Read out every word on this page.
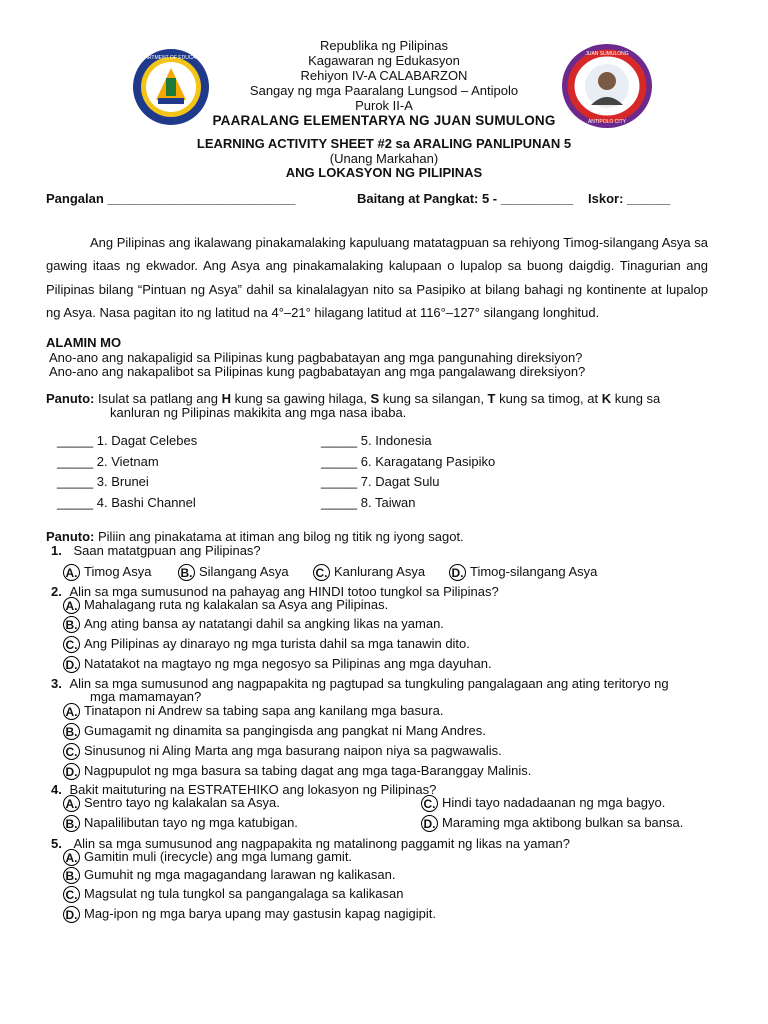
2002
DEPARTMENT OF EDUCATION
JUAN SUMULONG
ANTIPOLO CITY
Republika ng Pilipinas
Kagawaran ng Edukasyon
Rehiyon IV-A CALABARZON
Sangay ng mga Paaralang Lungsod – Antipolo
Purok II-A
PAARALANG ELEMENTARYA NG JUAN SUMULONG
LEARNING ACTIVITY SHEET #2 sa ARALING PANLIPUNAN 5
(Unang Markahan)
ANG LOKASYON NG PILIPINAS
Pangalan __________________________	Baitang at Pangkat: 5 - __________ Iskor: ______
Ang Pilipinas ang ikalawang pinakamalaking kapuluang matatagpuan sa rehiyong Timog-silangang Asya sa gawing itaas ng ekwador. Ang Asya ang pinakamalaking kalupaan o lupalop sa buong daigdig. Tinagurian ang Pilipinas bilang “Pintuan ng Asya” dahil sa kinalalagyan nito sa Pasipiko at bilang bahagi ng kontinente at lupalop ng Asya. Nasa pagitan ito ng latitud na 4°–21° hilagang latitud at 116°–127° silangang longhitud.
ALAMIN MO
Ano-ano ang nakapaligid sa Pilipinas kung pagbabatayan ang mga pangunahing direksiyon?
Ano-ano ang nakapalibot sa Pilipinas kung pagbabatayan ang mga pangalawang direksiyon?
Panuto: Isulat sa patlang ang H kung sa gawing hilaga, S kung sa silangan, T kung sa timog, at K kung sa
kanluran ng Pilipinas makikita ang mga nasa ibaba.
_____ 1. Dagat Celebes
_____ 2. Vietnam
_____ 3. Brunei
_____ 4. Bashi Channel
_____ 5. Indonesia
_____ 6. Karagatang Pasipiko
_____ 7. Dagat Sulu
_____ 8. Taiwan
Panuto: Piliin ang pinakatama at itiman ang bilog ng titik ng iyong sagot.
1. Saan matatgpuan ang Pilipinas?
A. Timog Asya B. Silangang Asya C. Kanlurang Asya D. Timog-silangang Asya
2. Alin sa mga sumusunod na pahayag ang HINDI totoo tungkol sa Pilipinas?
A. Mahalagang ruta ng kalakalan sa Asya ang Pilipinas.
B. Ang ating bansa ay natatangi dahil sa angking likas na yaman.
C. Ang Pilipinas ay dinarayo ng mga turista dahil sa mga tanawin dito.
D. Natatakot na magtayo ng mga negosyo sa Pilipinas ang mga dayuhan.
3. Alin sa mga sumusunod ang nagpapakita ng pagtupad sa tungkuling pangalagaan ang ating teritoryo ng
mga mamamayan?
A. Tinatapon ni Andrew sa tabing sapa ang kanilang mga basura.
B. Gumagamit ng dinamita sa pangingisda ang pangkat ni Mang Andres.
C. Sinusunog ni Aling Marta ang mga basurang naipon niya sa pagwawalis.
D. Nagpupulot ng mga basura sa tabing dagat ang mga taga-Baranggay Malinis.
4. Bakit maituturing na ESTRATEHIKO ang lokasyon ng Pilipinas?
A. Sentro tayo ng kalakalan sa Asya.
B. Napalilibutan tayo ng mga katubigan.
C. Hindi tayo nadadaanan ng mga bagyo.
D. Maraming mga aktibong bulkan sa bansa.
5. Alin sa mga sumusunod ang nagpapakita ng matalinong paggamit ng likas na yaman?
A. Gamitin muli (irecycle) ang mga lumang gamit.
B. Gumuhit ng mga magagandang larawan ng kalikasan.
C. Magsulat ng tula tungkol sa pangangalaga sa kalikasan
D. Mag-ipon ng mga barya upang may gastusin kapag nagigipit.
